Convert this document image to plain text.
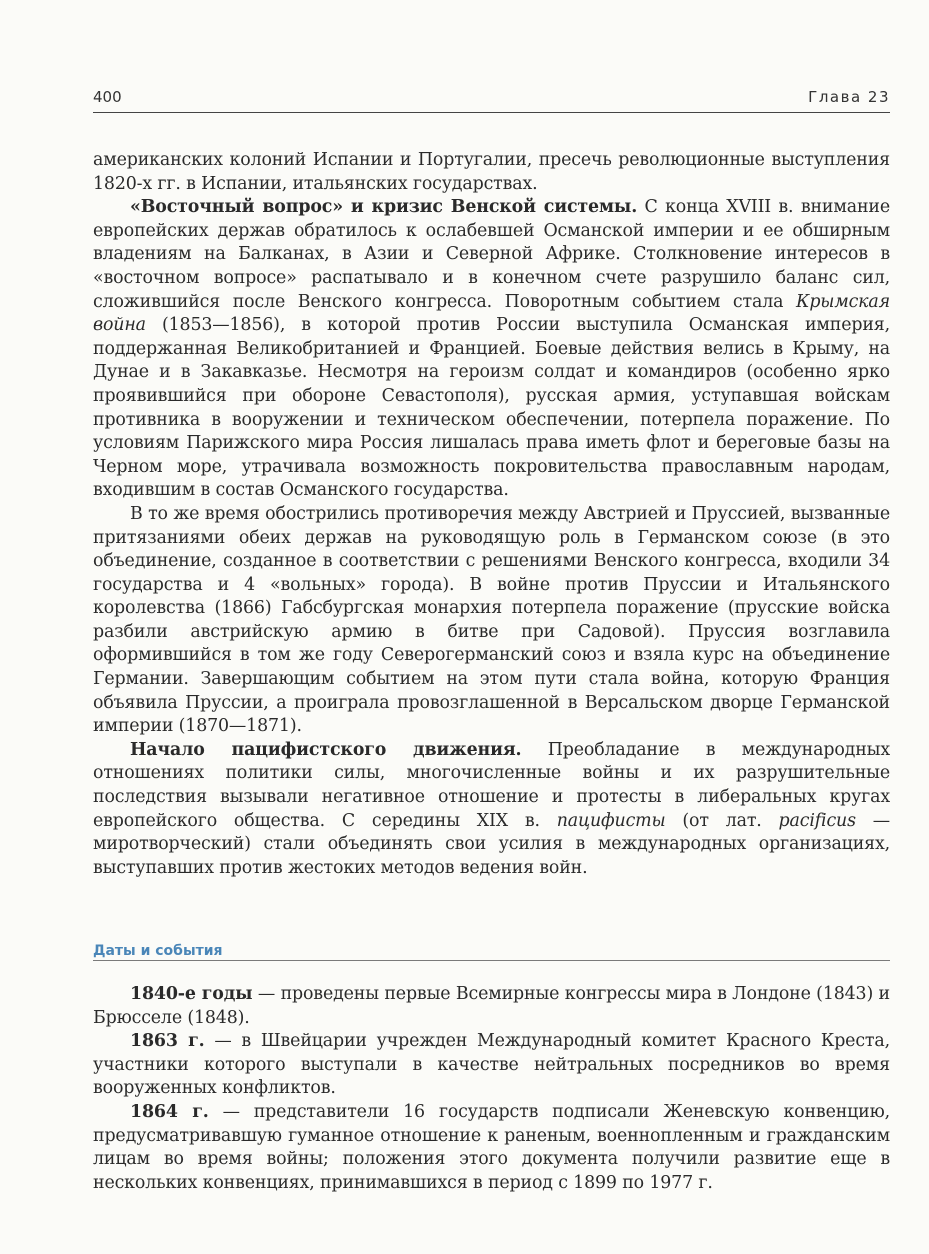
400	Глава 23

американских колоний Испании и Португалии, пресечь революционные выступления 1820-х гг. в Испании, итальянских государствах.

«Восточный вопрос» и кризис Венской системы. С конца XVIII в. внимание европейских держав обратилось к ослабевшей Османской империи и ее обширным владениям на Балканах, в Азии и Северной Африке. Столкновение интересов в «восточном вопросе» распатывало и в конечном счете разрушило баланс сил, сложившийся после Венского конгресса. Поворотным событием стала Крымская война (1853—1856), в которой против России выступила Османская империя, поддержанная Великобританией и Францией. Боевые действия велись в Крыму, на Дунае и в Закавказье. Несмотря на героизм солдат и командиров (особенно ярко проявившийся при обороне Севастополя), русская армия, уступавшая войскам противника в вооружении и техническом обеспечении, потерпела поражение. По условиям Парижского мира Россия лишалась права иметь флот и береговые базы на Черном море, утрачивала возможность покровительства православным народам, входившим в состав Османского государства.

В то же время обострились противоречия между Австрией и Пруссией, вызванные притязаниями обеих держав на руководящую роль в Германском союзе (в это объединение, созданное в соответствии с решениями Венского конгресса, входили 34 государства и 4 «вольных» города). В войне против Пруссии и Итальянского королевства (1866) Габсбургская монархия потерпела поражение (прусские войска разбили австрийскую армию в битве при Садовой). Пруссия возглавила оформившийся в том же году Северогерманский союз и взяла курс на объединение Германии. Завершающим событием на этом пути стала война, которую Франция объявила Пруссии, а проиграла провозглашенной в Версальском дворце Германской империи (1870—1871).

Начало пацифистского движения. Преобладание в международных отношениях политики силы, многочисленные войны и их разрушительные последствия вызывали негативное отношение и протесты в либеральных кругах европейского общества. С середины XIX в. пацифисты (от лат. pacificus — миротворческий) стали объединять свои усилия в международных организациях, выступавших против жестоких методов ведения войн.

Даты и события

1840-е годы — проведены первые Всемирные конгрессы мира в Лондоне (1843) и Брюсселе (1848).

1863 г. — в Швейцарии учрежден Международный комитет Красного Креста, участники которого выступали в качестве нейтральных посредников во время вооруженных конфликтов.

1864 г. — представители 16 государств подписали Женевскую конвенцию, предусматривавшую гуманное отношение к раненым, военнопленным и гражданским лицам во время войны; положения этого документа получили развитие еще в нескольких конвенциях, принимавшихся в период с 1899 по 1977 г.
